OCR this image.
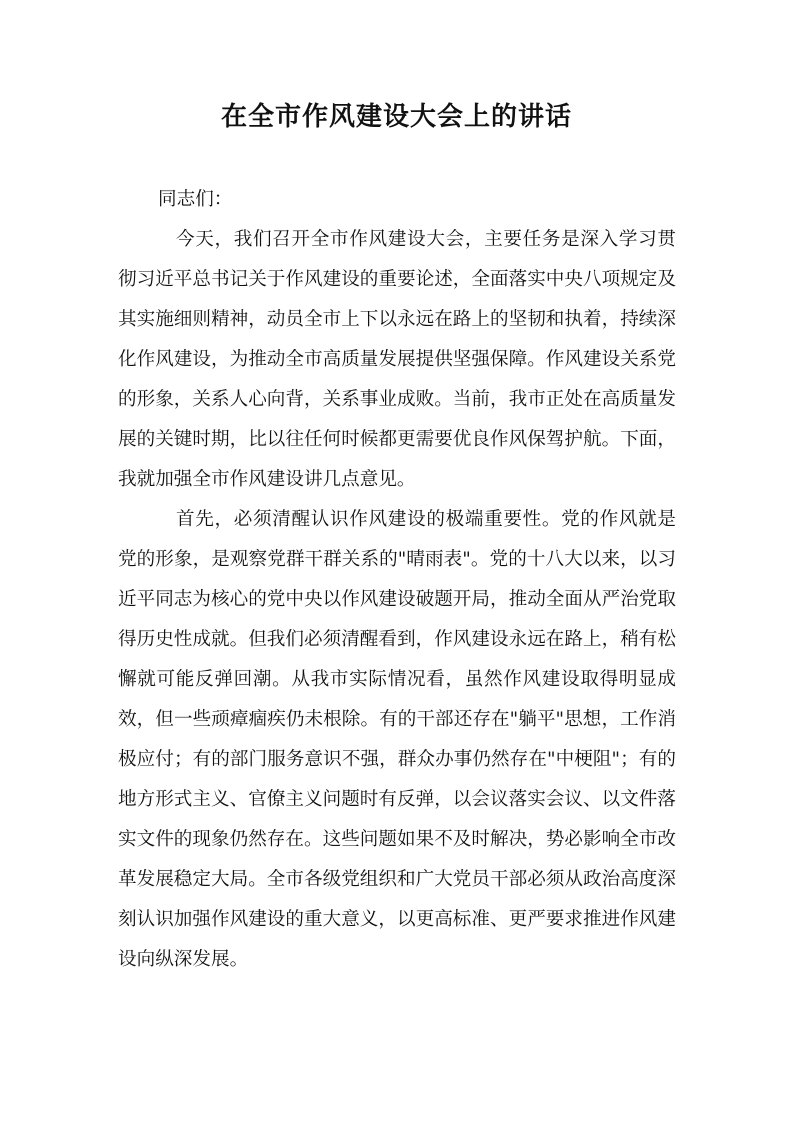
在全市作风建设大会上的讲话

同志们：

今天，我们召开全市作风建设大会，主要任务是深入学习贯彻习近平总书记关于作风建设的重要论述，全面落实中央八项规定及其实施细则精神，动员全市上下以永远在路上的坚韧和执着，持续深化作风建设，为推动全市高质量发展提供坚强保障。作风建设关系党的形象，关系人心向背，关系事业成败。当前，我市正处在高质量发展的关键时期，比以往任何时候都更需要优良作风保驾护航。下面，我就加强全市作风建设讲几点意见。

首先，必须清醒认识作风建设的极端重要性。党的作风就是党的形象，是观察党群干群关系的"晴雨表"。党的十八大以来，以习近平同志为核心的党中央以作风建设破题开局，推动全面从严治党取得历史性成就。但我们必须清醒看到，作风建设永远在路上，稍有松懈就可能反弹回潮。从我市实际情况看，虽然作风建设取得明显成效，但一些顽瘴痼疾仍未根除。有的干部还存在"躺平"思想，工作消极应付；有的部门服务意识不强，群众办事仍然存在"中梗阻"；有的地方形式主义、官僚主义问题时有反弹，以会议落实会议、以文件落实文件的现象仍然存在。这些问题如果不及时解决，势必影响全市改革发展稳定大局。全市各级党组织和广大党员干部必须从政治高度深刻认识加强作风建设的重大意义，以更高标准、更严要求推进作风建设向纵深发展。
